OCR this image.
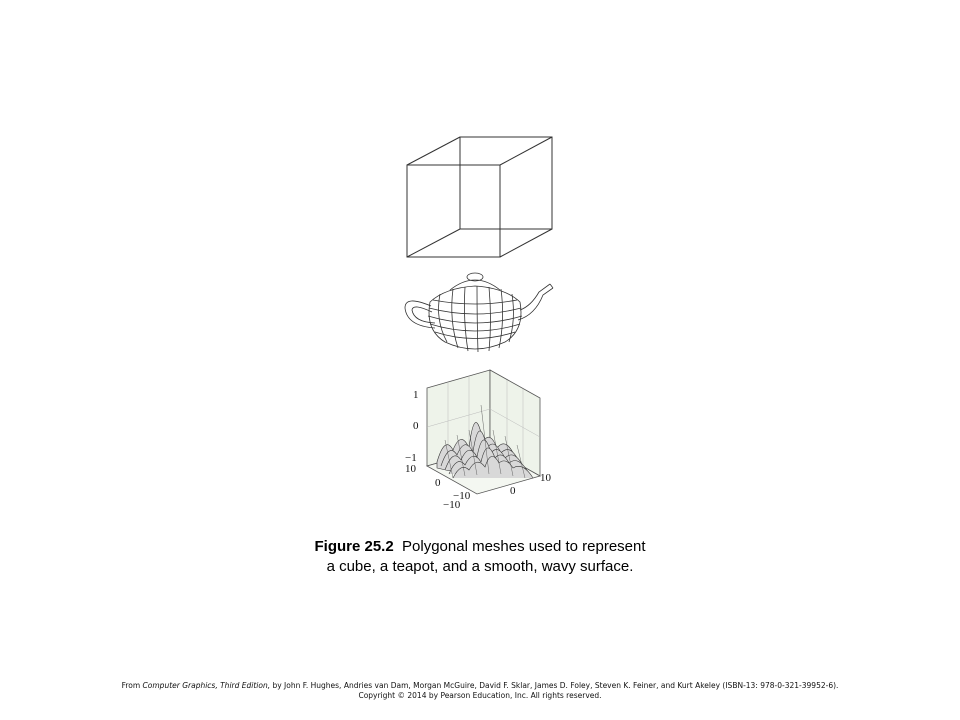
1
0
−1
10
0
−10
−10
0
10
Figure 25.2 Polygonal meshes used to represent
a cube, a teapot, and a smooth, wavy surface.
From Computer Graphics, Third Edition, by John F. Hughes, Andries van Dam, Morgan McGuire, David F. Sklar, James D. Foley, Steven K. Feiner, and Kurt Akeley (ISBN-13: 978-0-321-39952-6).
Copyright © 2014 by Pearson Education, Inc. All rights reserved.
